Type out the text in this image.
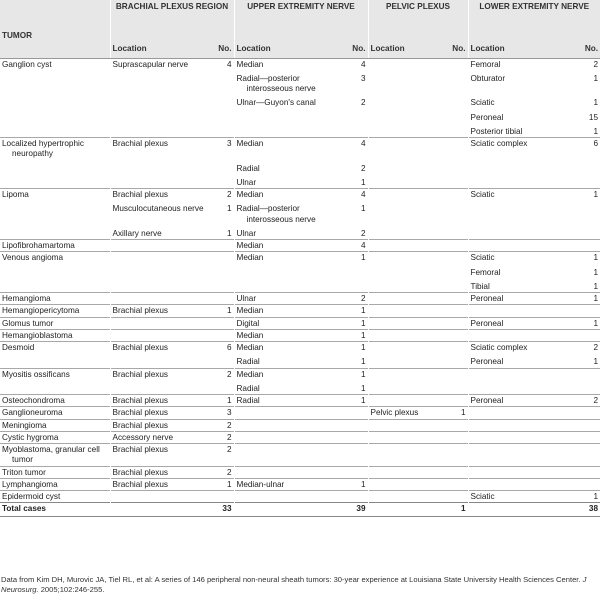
TUMOR	BRACHIAL PLEXUS REGION		UPPER EXTREMITY NERVE		PELVIC PLEXUS		LOWER EXTREMITY NERVE	
	Location	No.	Location	No.	Location	No.	Location	No.

Ganglion cyst	Suprascapular nerve	4	Median	4			Femoral	2

			Radial—posterior interosseous nerve	3			Obturator	1

			Ulnar—Guyon's canal	2			Sciatic	1

							Peroneal	15

							Posterior tibial	1

Localized hypertrophic neuropathy	Brachial plexus	3	Median	4			Sciatic complex	6

			Radial	2	

			Ulnar	1	

Lipoma	Brachial plexus	2	Median	4			Sciatic	1

	Musculocutaneous nerve	1	Radial—posterior interosseous nerve	1	

	Axillary nerve	1	Ulnar	2	

Lipofibrohamartoma			Median	4	

Venous angioma			Median	1			Sciatic	1

							Femoral	1

							Tibial	1

Hemangioma			Ulnar	2			Peroneal	1

Hemangiopericytoma	Brachial plexus	1	Median	1	

Glomus tumor			Digital	1			Peroneal	1

Hemangioblastoma			Median	1	

Desmoid	Brachial plexus	6	Median	1			Sciatic complex	2

			Radial	1			Peroneal	1

Myositis ossificans	Brachial plexus	2	Median	1	

			Radial	1	

Osteochondroma	Brachial plexus	1	Radial	1			Peroneal	2

Ganglioneuroma	Brachial plexus	3			Pelvic plexus	1	

Meningioma	Brachial plexus	2	

Cystic hygroma	Accessory nerve	2	

Myoblastoma, granular cell tumor	Brachial plexus	2	

Triton tumor	Brachial plexus	2	

Lymphangioma	Brachial plexus	1	Median-ulnar	1	

Epidermoid cyst							Sciatic	1
Total cases		33		39		1		38
Data from Kim DH, Murovic JA, Tiel RL, et al: A series of 146 peripheral non-neural sheath tumors: 30-year experience at Louisiana State University Health Sciences Center. J Neurosurg. 2005;102:246-255.
